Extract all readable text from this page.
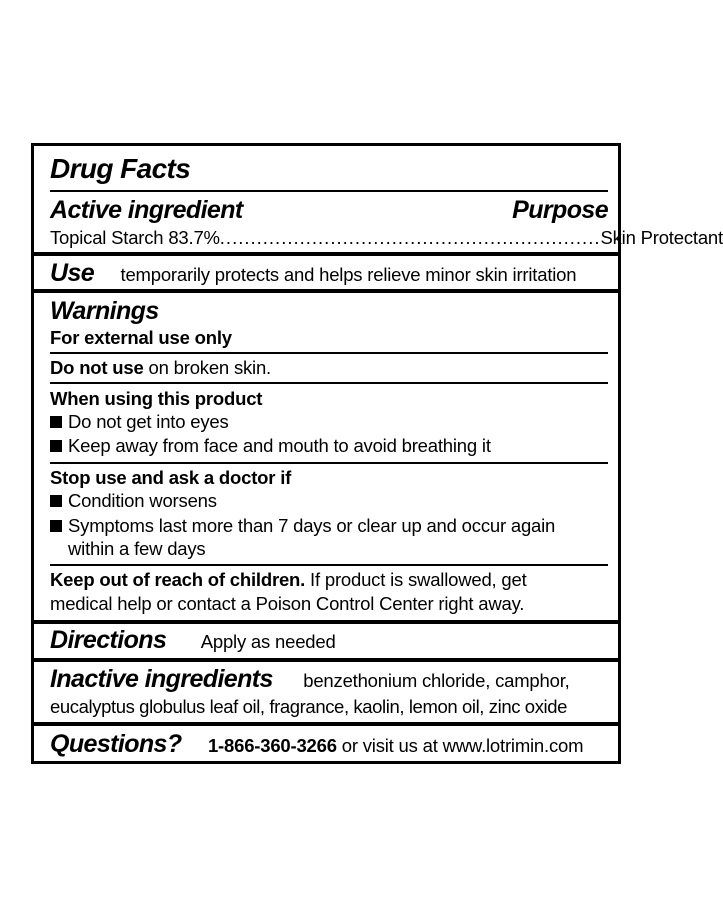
Drug Facts
Active ingredient	Purpose
Topical Starch 83.7% .............................................................. Skin Protectant
Use temporarily protects and helps relieve minor skin irritation
Warnings
For external use only
Do not use on broken skin.
When using this product
Do not get into eyes
Keep away from face and mouth to avoid breathing it
Stop use and ask a doctor if
Condition worsens
Symptoms last more than 7 days or clear up and occur again
within a few days
Keep out of reach of children. If product is swallowed, get
medical help or contact a Poison Control Center right away.
Directions Apply as needed
Inactive ingredients benzethonium chloride, camphor,
eucalyptus globulus leaf oil, fragrance, kaolin, lemon oil, zinc oxide
Questions? 1-866-360-3266 or visit us at www.lotrimin.com
